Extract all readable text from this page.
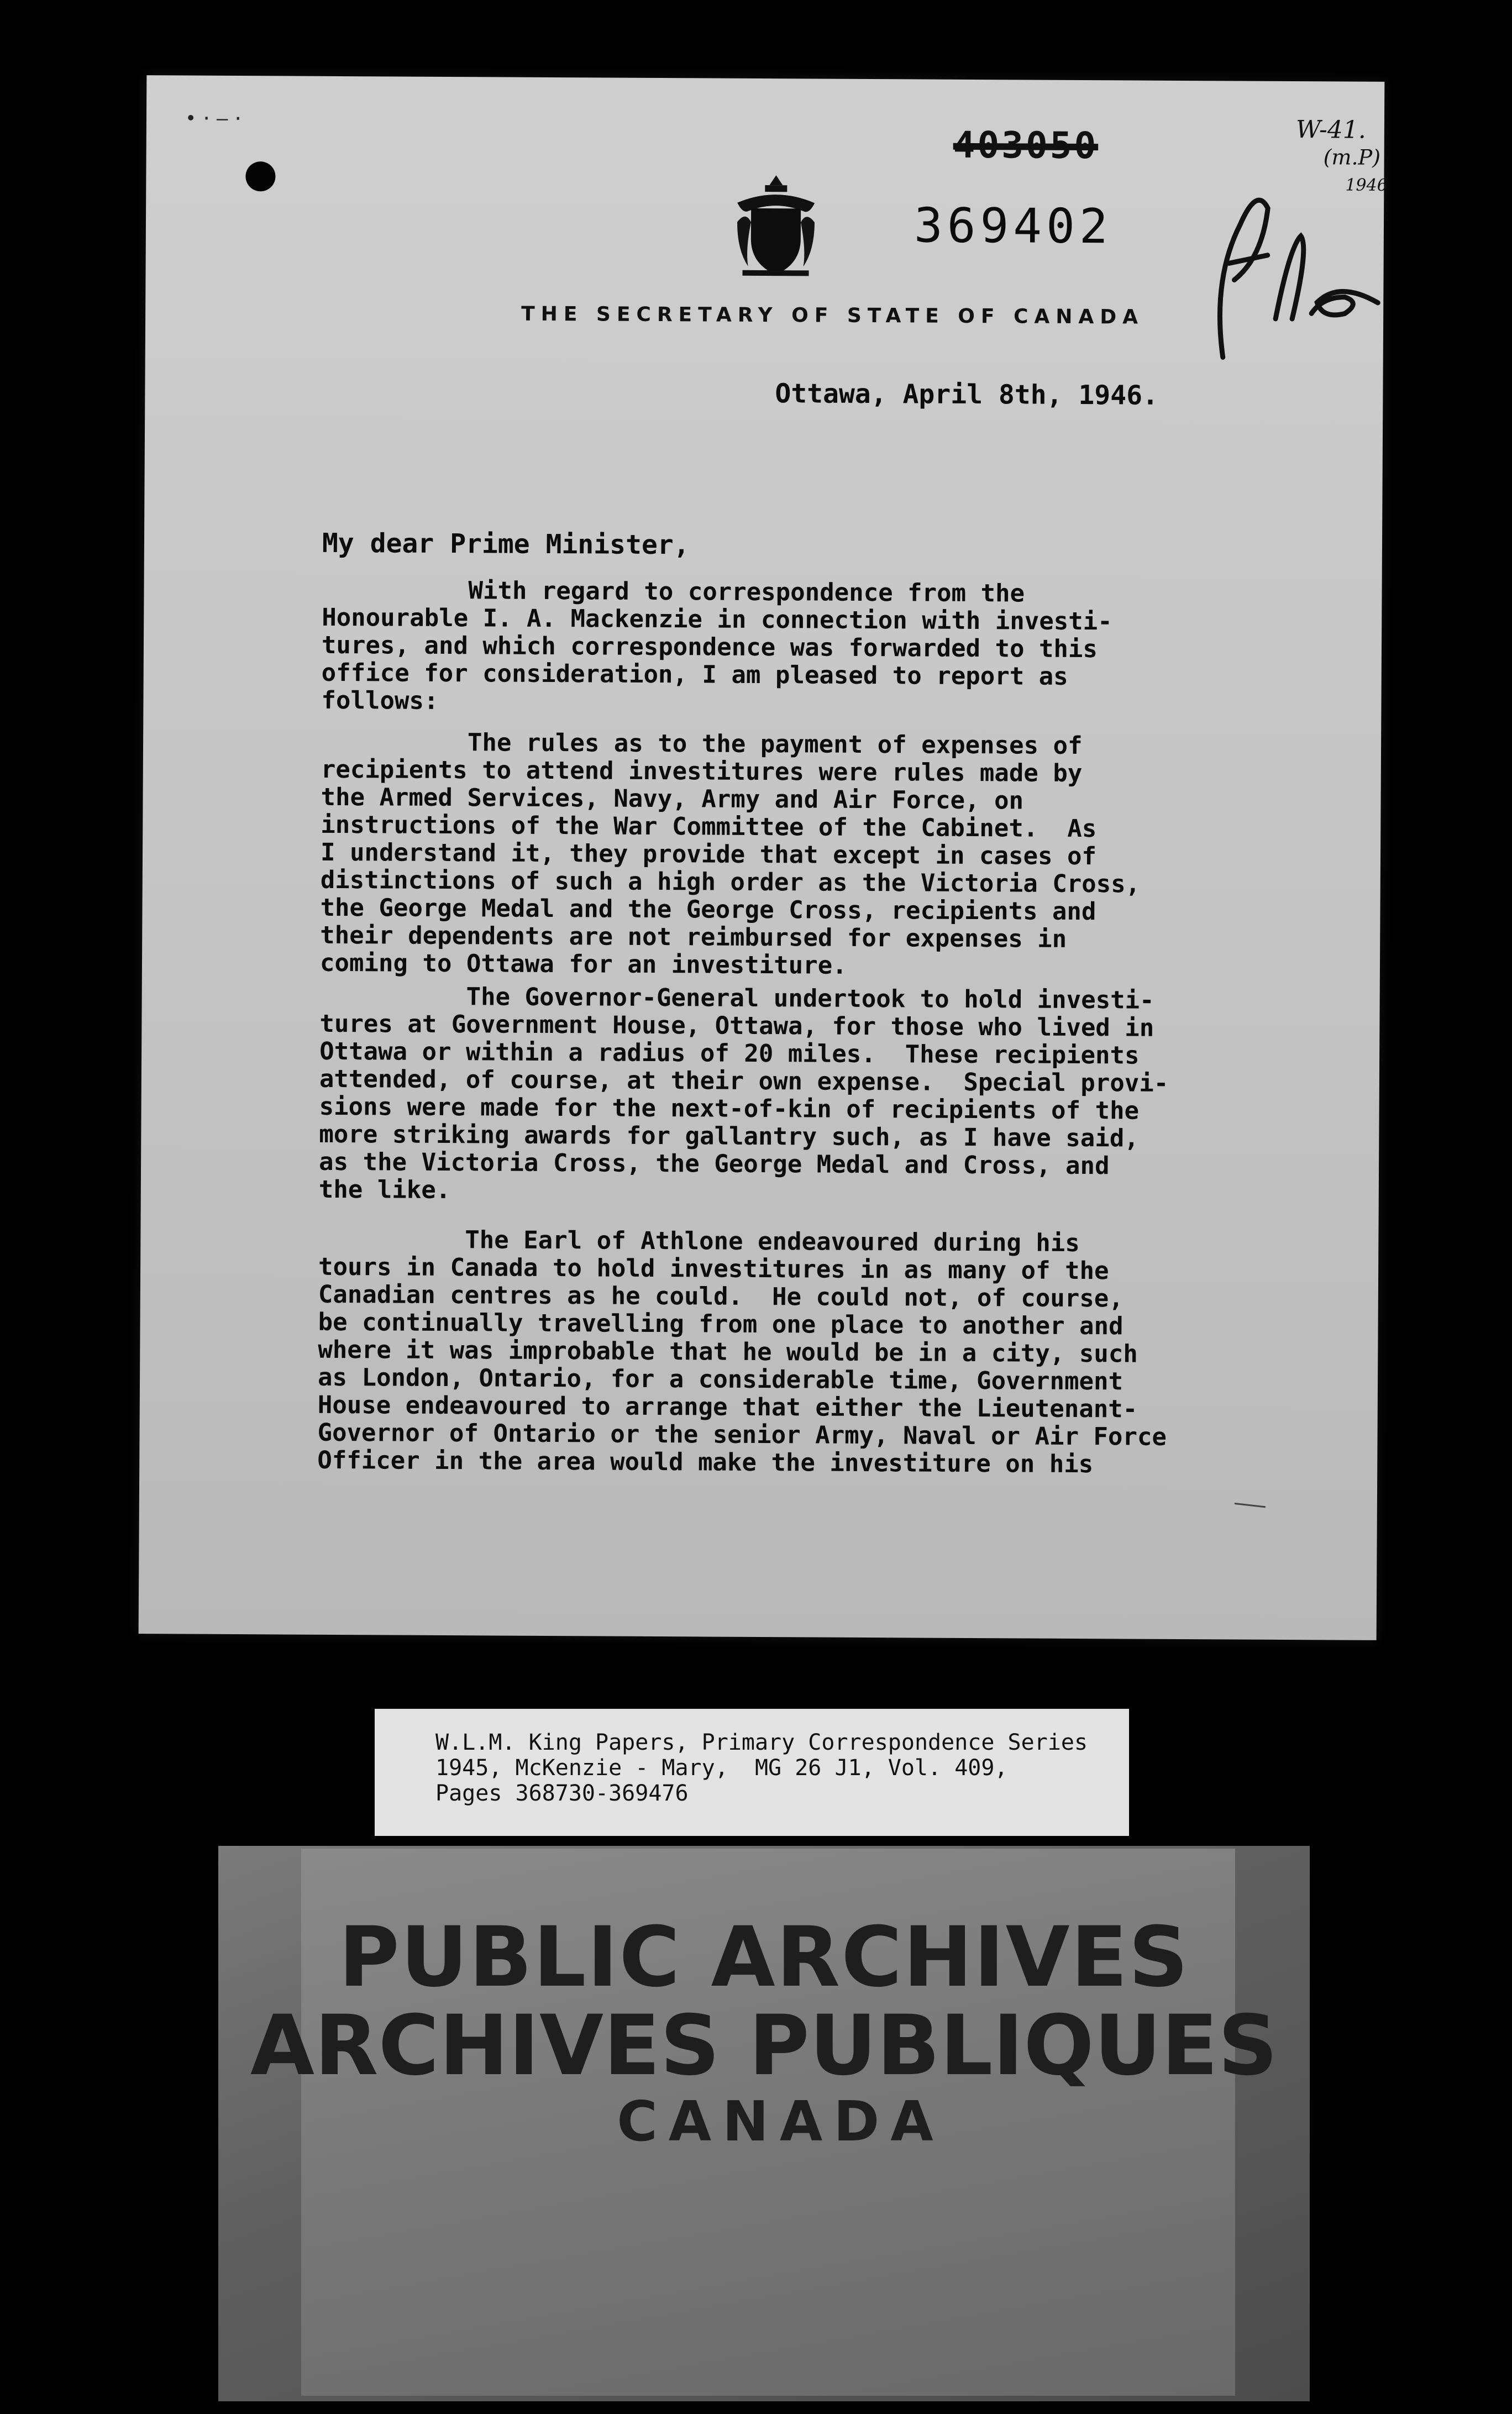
•·–·
403050
369402
W-41.
(m.P)
1946
THE SECRETARY OF STATE OF CANADA
Ottawa, April 8th, 1946.
My dear Prime Minister,
With regard to correspondence from the
Honourable I. A. Mackenzie in connection with investi-
tures, and which correspondence was forwarded to this
office for consideration, I am pleased to report as
follows:
The rules as to the payment of expenses of
recipients to attend investitures were rules made by
the Armed Services, Navy, Army and Air Force, on
instructions of the War Committee of the Cabinet.  As
I understand it, they provide that except in cases of
distinctions of such a high order as the Victoria Cross,
the George Medal and the George Cross, recipients and
their dependents are not reimbursed for expenses in
coming to Ottawa for an investiture.
The Governor-General undertook to hold investi-
tures at Government House, Ottawa, for those who lived in
Ottawa or within a radius of 20 miles.  These recipients
attended, of course, at their own expense.  Special provi-
sions were made for the next-of-kin of recipients of the
more striking awards for gallantry such, as I have said,
as the Victoria Cross, the George Medal and Cross, and
the like.
The Earl of Athlone endeavoured during his
tours in Canada to hold investitures in as many of the
Canadian centres as he could.  He could not, of course,
be continually travelling from one place to another and
where it was improbable that he would be in a city, such
as London, Ontario, for a considerable time, Government
House endeavoured to arrange that either the Lieutenant-
Governor of Ontario or the senior Army, Naval or Air Force
Officer in the area would make the investiture on his
W.L.M. King Papers, Primary Correspondence Series
1945, McKenzie - Mary,  MG 26 J1, Vol. 409,
Pages 368730-369476
PUBLIC ARCHIVES
ARCHIVES PUBLIQUES
CANADA
